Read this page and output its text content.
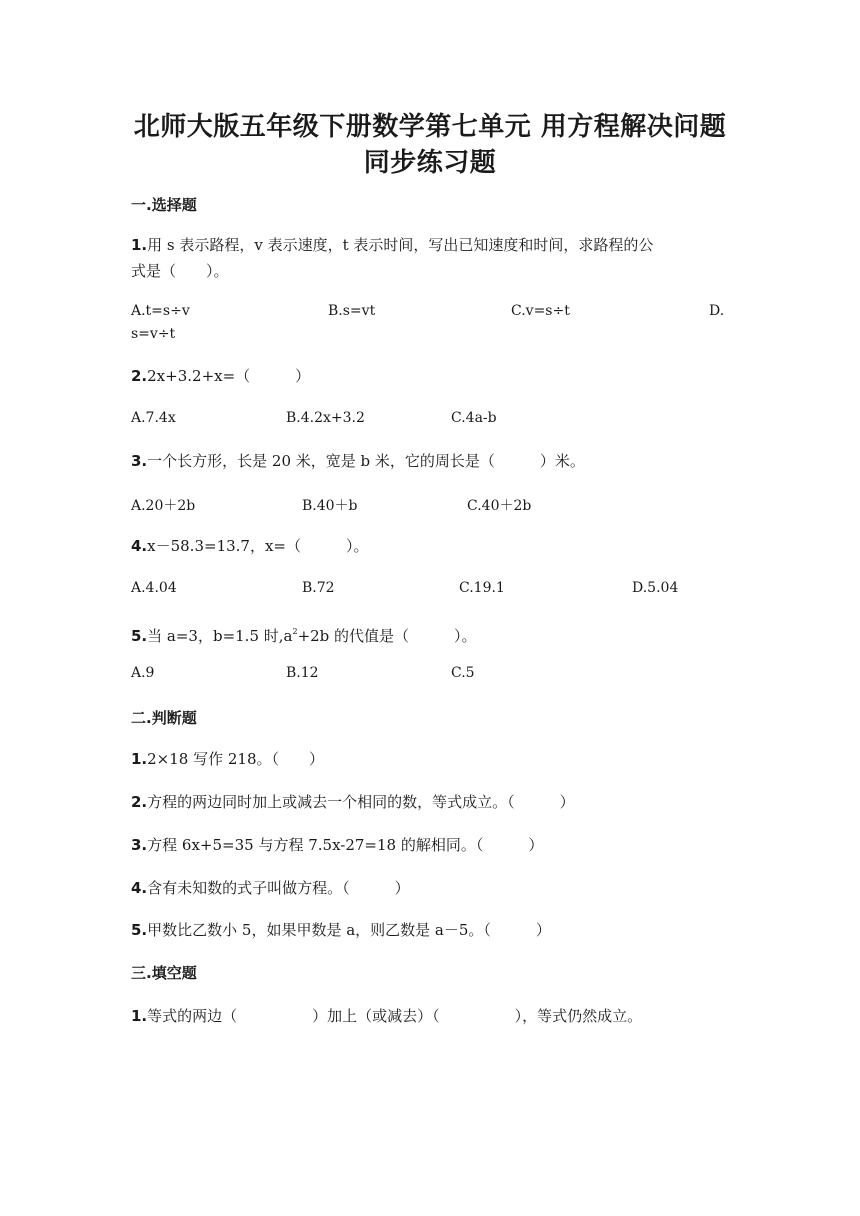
北师大版五年级下册数学第七单元 用方程解决问题
同步练习题
一.选择题
1.用 s 表示路程，v 表示速度，t 表示时间，写出已知速度和时间，求路程的公
式是（　　）。
A.t=s÷v	B.s=vt	C.v=s÷t	D.
s=v÷t
2.2x+3.2+x=（　　　）
A.7.4x	B.4.2x+3.2	C.4a-b
3.一个长方形，长是 20 米，宽是 b 米，它的周长是（　　　）米。
A.20＋2b	B.40＋b	C.40＋2b
4.x－58.3=13.7，x=（　　　）。
A.4.04	B.72	C.19.1	D.5.04
5.当 a=3，b=1.5 时$,a^2+2b$ 的代值是（　　　）。
A.9	B.12	C.5
二.判断题
1.2×18 写作 218。（　　）
2.方程的两边同时加上或减去一个相同的数，等式成立。（　　　）
3.方程 6x+5=35 与方程 7.5x-27=18 的解相同。（　　　）
4.含有未知数的式子叫做方程。（　　　）
5.甲数比乙数小 5，如果甲数是 a，则乙数是 a－5。（　　　）
三.填空题
1.等式的两边（　　　　　）加上（或减去）（　　　　　），等式仍然成立。
